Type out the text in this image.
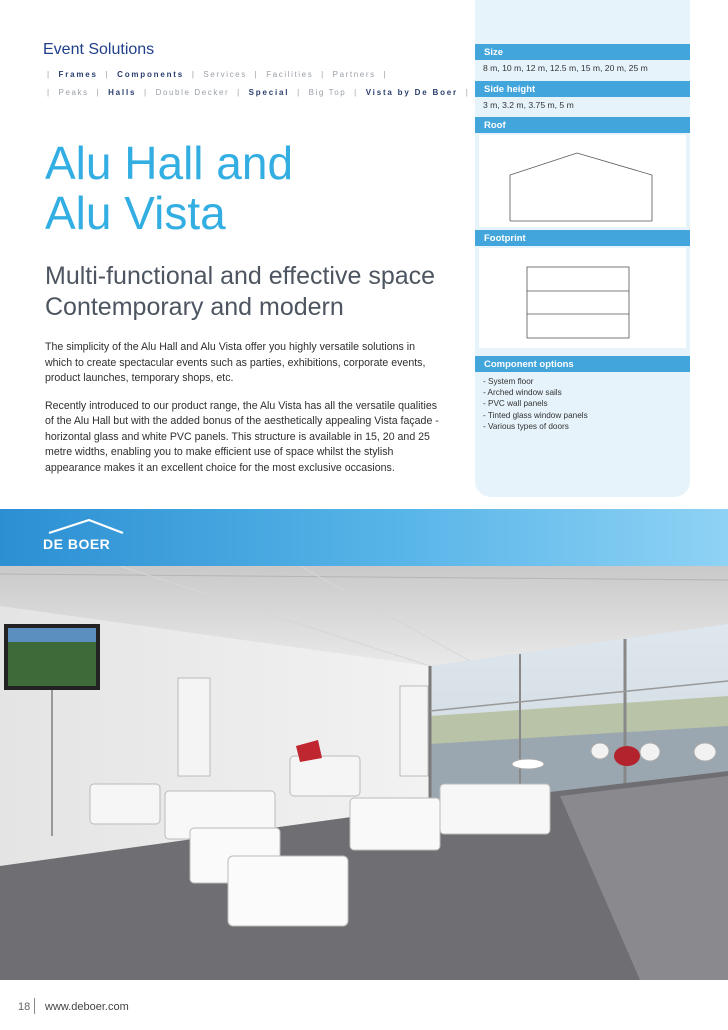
Event Solutions
| Frames | Components | Services | Facilities | Partners |
| Peaks | Halls | Double Decker | Special | Big Top | Vista by De Boer |
Alu Hall and
Alu Vista
Multi-functional and effective space
Contemporary and modern

The simplicity of the Alu Hall and Alu Vista offer you highly versatile solutions in which to create spectacular events such as parties, exhibitions, corporate events, product launches, temporary shops, etc.

Recently introduced to our product range, the Alu Vista has all the versatile qualities of the Alu Hall but with the added bonus of the aesthetically appealing Vista façade - horizontal glass and white PVC panels. This structure is available in 15, 20 and 25 metre widths, enabling you to make efficient use of space whilst the stylish appearance makes it an excellent choice for the most exclusive occasions.

Size
8 m, 10 m, 12 m, 12.5 m, 15 m, 20 m, 25 m
Side height
3 m, 3.2 m, 3.75 m, 5 m
Roof
Footprint
Component options
- System floor
- Arched window sails
- PVC wall panels
- Tinted glass window panels
- Various types of doors
DE BOER
18 www.deboer.com
